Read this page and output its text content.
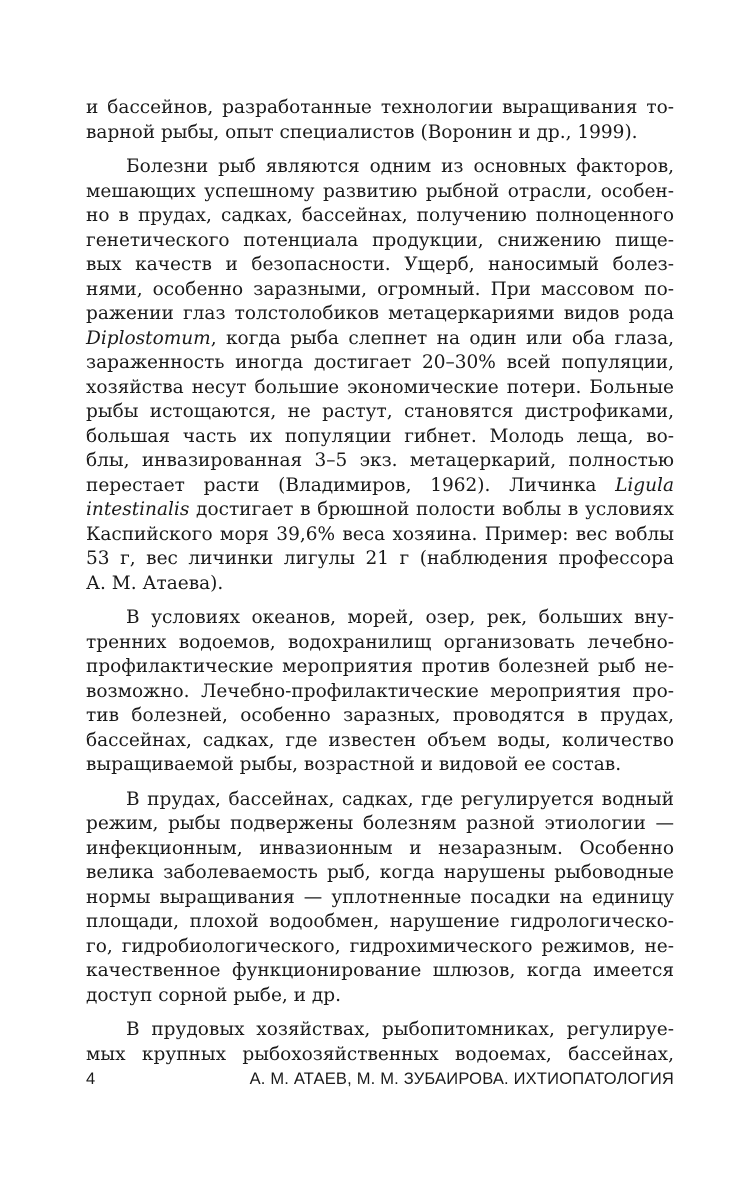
и бассейнов, разработанные технологии выращивания то-
варной рыбы, опыт специалистов (Воронин и др., 1999).
Болезни рыб являются одним из основных факторов,
мешающих успешному развитию рыбной отрасли, особен-
но в прудах, садках, бассейнах, получению полноценного
генетического потенциала продукции, снижению пище-
вых качеств и безопасности. Ущерб, наносимый болез-
нями, особенно заразными, огромный. При массовом по-
ражении глаз толстолобиков метацеркариями видов рода
Diplostomum, когда рыба слепнет на один или оба глаза,
зараженность иногда достигает 20–30% всей популяции,
хозяйства несут большие экономические потери. Больные
рыбы истощаются, не растут, становятся дистрофиками,
большая часть их популяции гибнет. Молодь леща, во-
блы, инвазированная 3–5 экз. метацеркарий, полностью
перестает расти (Владимиров, 1962). Личинка Ligula
intestinalis достигает в брюшной полости воблы в условиях
Каспийского моря 39,6% веса хозяина. Пример: вес воблы
53 г, вес личинки лигулы 21 г (наблюдения профессора
А. М. Атаева).
В условиях океанов, морей, озер, рек, больших вну-
тренних водоемов, водохранилищ организовать лечебно-
профилактические мероприятия против болезней рыб не-
возможно. Лечебно-профилактические мероприятия про-
тив болезней, особенно заразных, проводятся в прудах,
бассейнах, садках, где известен объем воды, количество
выращиваемой рыбы, возрастной и видовой ее состав.
В прудах, бассейнах, садках, где регулируется водный
режим, рыбы подвержены болезням разной этиологии —
инфекционным, инвазионным и незаразным. Особенно
велика заболеваемость рыб, когда нарушены рыбоводные
нормы выращивания — уплотненные посадки на единицу
площади, плохой водообмен, нарушение гидрологическо-
го, гидробиологического, гидрохимического режимов, не-
качественное функционирование шлюзов, когда имеется
доступ сорной рыбе, и др.
В прудовых хозяйствах, рыбопитомниках, регулируе-
мых крупных рыбохозяйственных водоемах, бассейнах,
4	А. М. АТАЕВ, М. М. ЗУБАИРОВА. ИХТИОПАТОЛОГИЯ
